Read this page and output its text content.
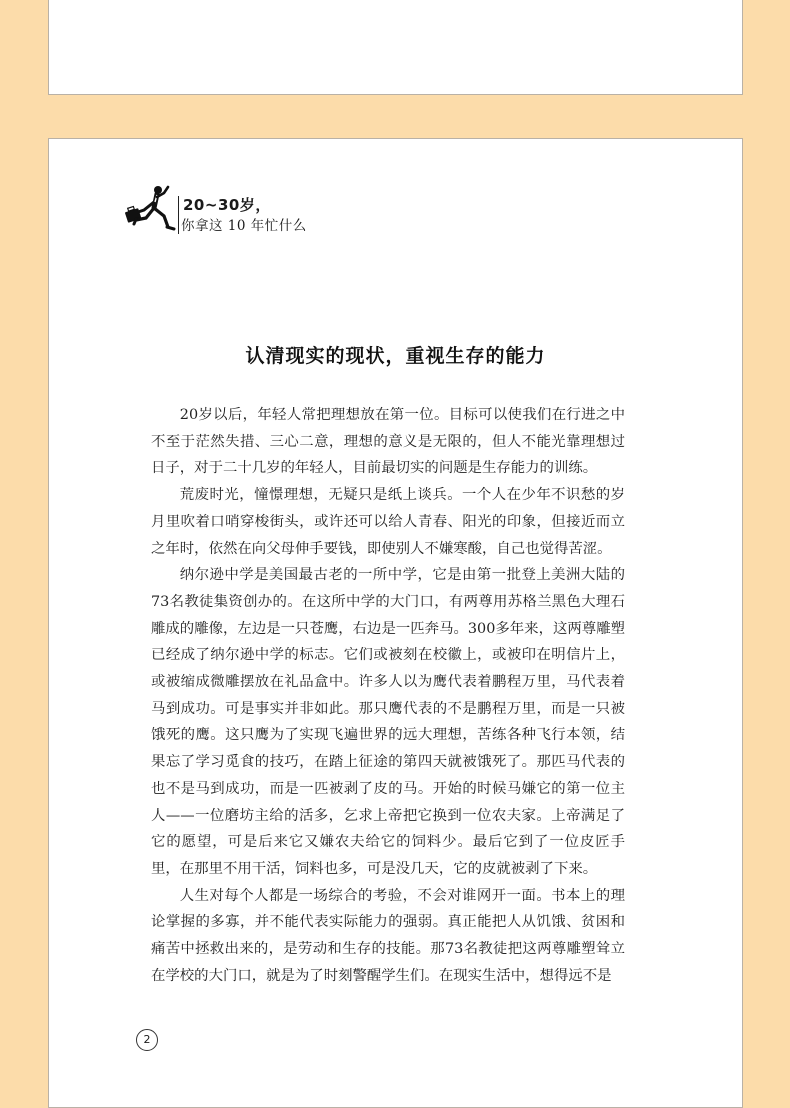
20~30岁，
你拿这 10 年忙什么
认清现实的现状，重视生存的能力

20岁以后，年轻人常把理想放在第一位。目标可以使我们在行进之中不至于茫然失措、三心二意，理想的意义是无限的，但人不能光靠理想过日子，对于二十几岁的年轻人，目前最切实的问题是生存能力的训练。

荒废时光，憧憬理想，无疑只是纸上谈兵。一个人在少年不识愁的岁月里吹着口哨穿梭街头，或许还可以给人青春、阳光的印象，但接近而立之年时，依然在向父母伸手要钱，即使别人不嫌寒酸，自己也觉得苦涩。

纳尔逊中学是美国最古老的一所中学，它是由第一批登上美洲大陆的73名教徒集资创办的。在这所中学的大门口，有两尊用苏格兰黑色大理石雕成的雕像，左边是一只苍鹰，右边是一匹奔马。300多年来，这两尊雕塑已经成了纳尔逊中学的标志。它们或被刻在校徽上，或被印在明信片上，或被缩成微雕摆放在礼品盒中。许多人以为鹰代表着鹏程万里，马代表着马到成功。可是事实并非如此。那只鹰代表的不是鹏程万里，而是一只被饿死的鹰。这只鹰为了实现飞遍世界的远大理想，苦练各种飞行本领，结果忘了学习觅食的技巧，在踏上征途的第四天就被饿死了。那匹马代表的也不是马到成功，而是一匹被剥了皮的马。开始的时候马嫌它的第一位主人——一位磨坊主给的活多，乞求上帝把它换到一位农夫家。上帝满足了它的愿望，可是后来它又嫌农夫给它的饲料少。最后它到了一位皮匠手里，在那里不用干活，饲料也多，可是没几天，它的皮就被剥了下来。

人生对每个人都是一场综合的考验，不会对谁网开一面。书本上的理论掌握的多寡，并不能代表实际能力的强弱。真正能把人从饥饿、贫困和痛苦中拯救出来的，是劳动和生存的技能。那73名教徒把这两尊雕塑耸立在学校的大门口，就是为了时刻警醒学生们。在现实生活中，想得远不是

2
